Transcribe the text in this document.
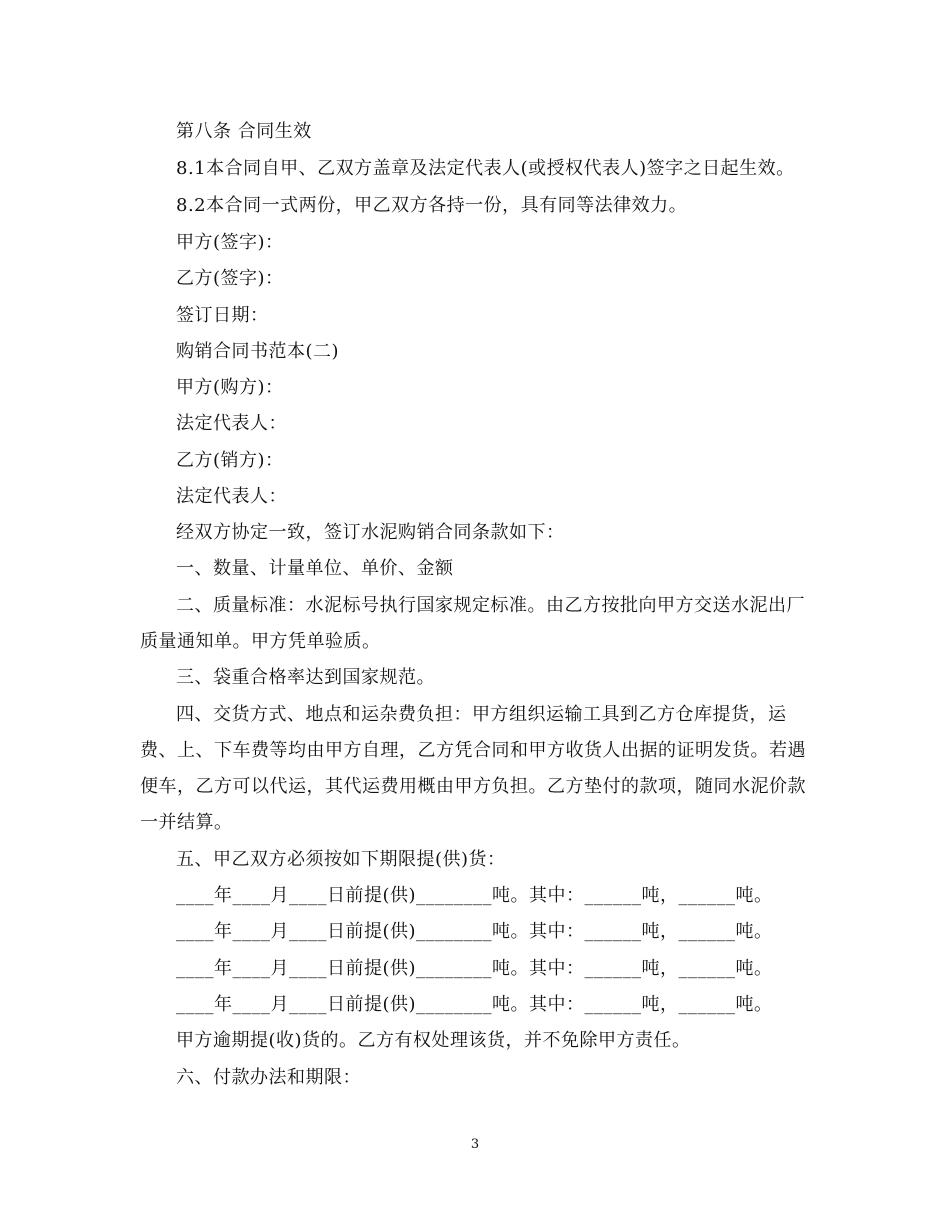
第八条 合同生效
8.1本合同自甲、乙双方盖章及法定代表人(或授权代表人)签字之日起生效。
8.2本合同一式两份，甲乙双方各持一份，具有同等法律效力。
甲方(签字)：
乙方(签字)：
签订日期：
购销合同书范本(二)
甲方(购方)：
法定代表人：
乙方(销方)：
法定代表人：
经双方协定一致，签订水泥购销合同条款如下：
一、数量、计量单位、单价、金额
二、质量标准：水泥标号执行国家规定标准。由乙方按批向甲方交送水泥出厂
质量通知单。甲方凭单验质。
三、袋重合格率达到国家规范。
四、交货方式、地点和运杂费负担：甲方组织运输工具到乙方仓库提货，运
费、上、下车费等均由甲方自理，乙方凭合同和甲方收货人出据的证明发货。若遇
便车，乙方可以代运，其代运费用概由甲方负担。乙方垫付的款项，随同水泥价款
一并结算。
五、甲乙双方必须按如下期限提(供)货：
____年____月____日前提(供)________吨。其中：______吨，______吨。
____年____月____日前提(供)________吨。其中：______吨，______吨。
____年____月____日前提(供)________吨。其中：______吨，______吨。
____年____月____日前提(供)________吨。其中：______吨，______吨。
甲方逾期提(收)货的。乙方有权处理该货，并不免除甲方责任。
六、付款办法和期限：
3
